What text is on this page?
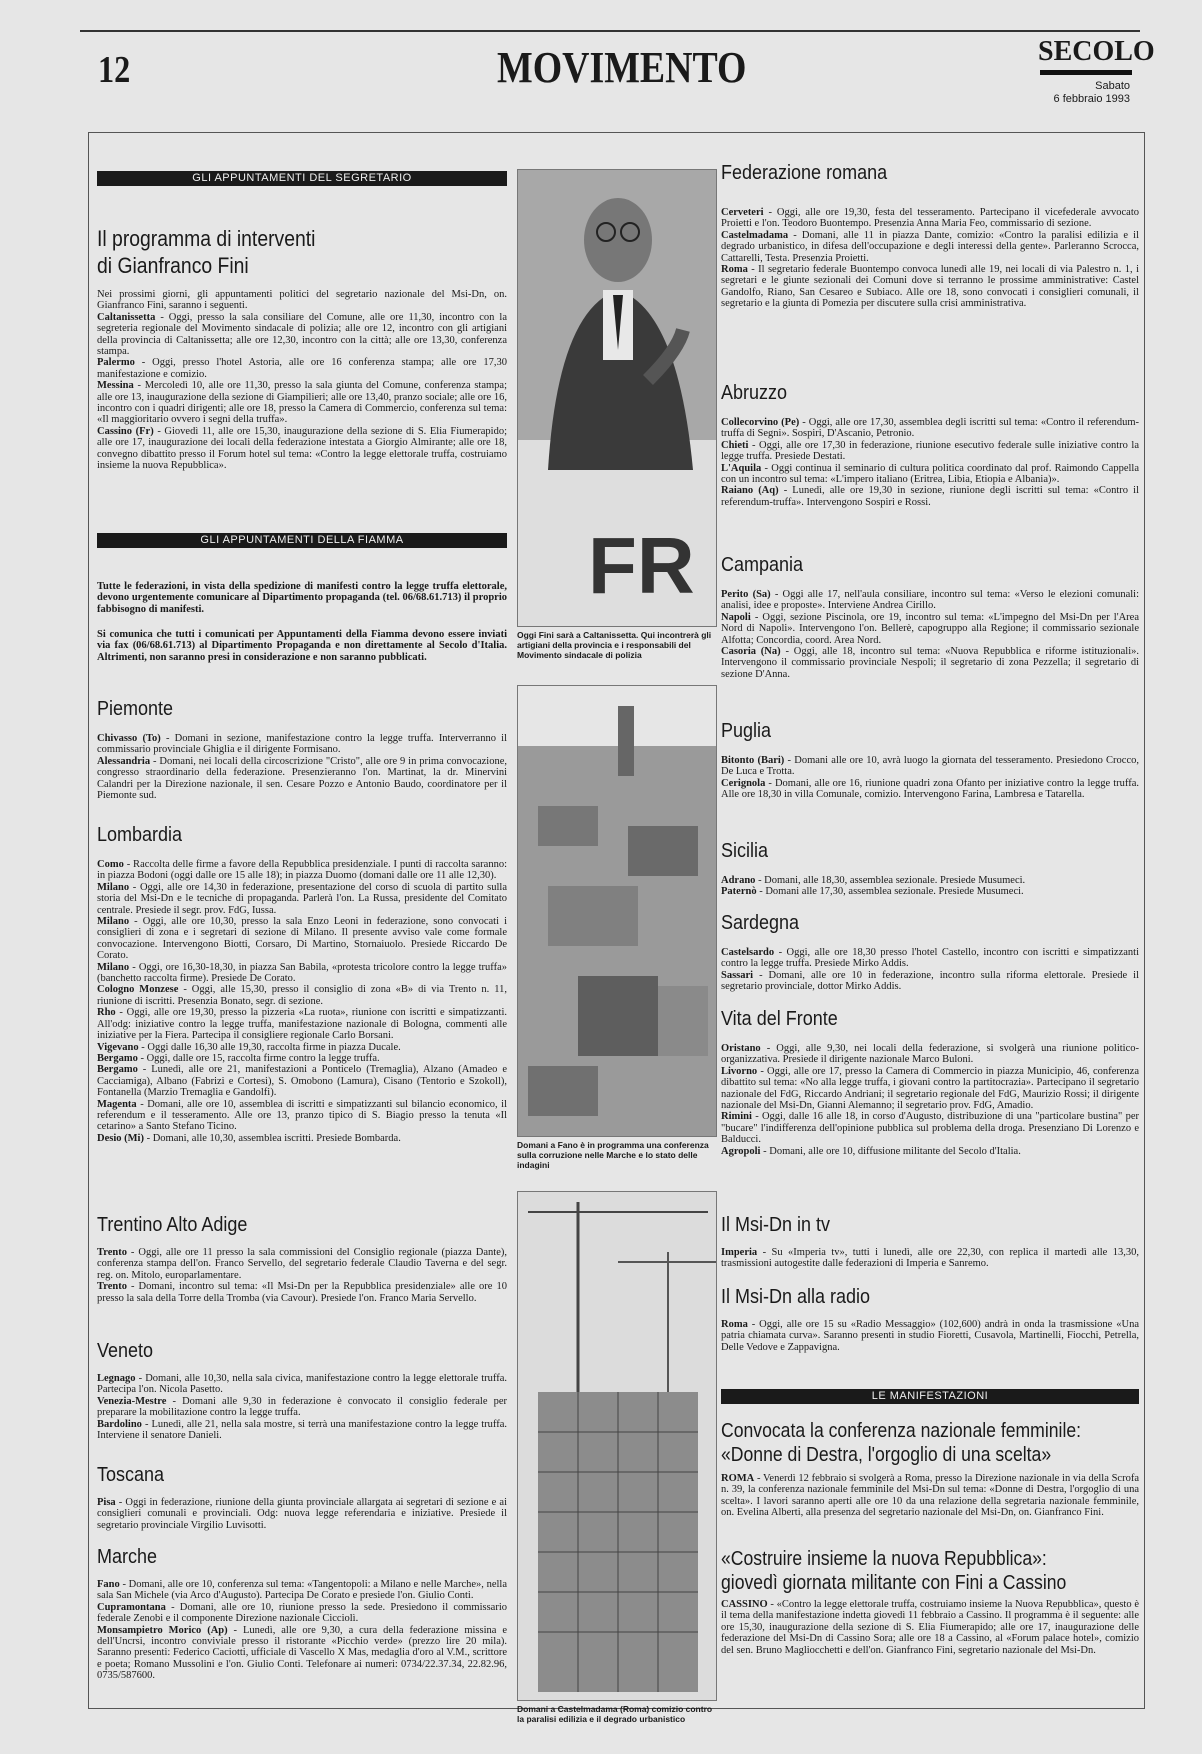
12	MOVIMENTO	SECOLO
Sabato
6 febbraio 1993
GLI APPUNTAMENTI DEL SEGRETARIO
Il programma di interventi
di Gianfranco Fini
Nei prossimi giorni, gli appuntamenti politici del segretario nazionale del Msi-Dn, on. Gianfranco Fini, saranno i seguenti.
Caltanissetta - Oggi, presso la sala consiliare del Comune, alle ore 11,30, incontro con la segreteria regionale del Movimento sindacale di polizia; alle ore 12, incontro con gli artigiani della provincia di Caltanissetta; alle ore 12,30, incontro con la città; alle ore 13,30, conferenza stampa.
Palermo - Oggi, presso l'hotel Astoria, alle ore 16 conferenza stampa; alle ore 17,30 manifestazione e comizio.
Messina - Mercoledì 10, alle ore 11,30, presso la sala giunta del Comune, conferenza stampa; alle ore 13, inaugurazione della sezione di Giampilieri; alle ore 13,40, pranzo sociale; alle ore 16, incontro con i quadri dirigenti; alle ore 18, presso la Camera di Commercio, conferenza sul tema: «Il maggioritario ovvero i segni della truffa».
Cassino (Fr) - Giovedì 11, alle ore 15,30, inaugurazione della sezione di S. Elia Fiumerapido; alle ore 17, inaugurazione dei locali della federazione intestata a Giorgio Almirante; alle ore 18, convegno dibattito presso il Forum hotel sul tema: «Contro la legge elettorale truffa, costruiamo insieme la nuova Repubblica».
GLI APPUNTAMENTI DELLA FIAMMA
Tutte le federazioni, in vista della spedizione di manifesti contro la legge truffa elettorale, devono urgentemente comunicare al Dipartimento propaganda (tel. 06/68.61.713) il proprio fabbisogno di manifesti.
Si comunica che tutti i comunicati per Appuntamenti della Fiamma devono essere inviati via fax (06/68.61.713) al Dipartimento Propaganda e non direttamente al Secolo d'Italia. Altrimenti, non saranno presi in considerazione e non saranno pubblicati.
Piemonte
Chivasso (To) - Domani in sezione, manifestazione contro la legge truffa. Interverranno il commissario provinciale Ghiglia e il dirigente Formisano.
Alessandria - Domani, nei locali della circoscrizione "Cristo", alle ore 9 in prima convocazione, congresso straordinario della federazione. Presenzieranno l'on. Martinat, la dr. Minervini Calandri per la Direzione nazionale, il sen. Cesare Pozzo e Antonio Baudo, coordinatore per il Piemonte sud.
Lombardia
Como - Raccolta delle firme a favore della Repubblica presidenziale. I punti di raccolta saranno: in piazza Bodoni (oggi dalle ore 15 alle 18); in piazza Duomo (domani dalle ore 11 alle 12,30).
Milano - Oggi, alle ore 14,30 in federazione, presentazione del corso di scuola di partito sulla storia del Msi-Dn e le tecniche di propaganda. Parlerà l'on. La Russa, presidente del Comitato centrale. Presiede il segr. prov. FdG, Iussa.
Milano - Oggi, alle ore 10,30, presso la sala Enzo Leoni in federazione, sono convocati i consiglieri di zona e i segretari di sezione di Milano. Il presente avviso vale come formale convocazione. Intervengono Biotti, Corsaro, Di Martino, Stornaiuolo. Presiede Riccardo De Corato.
Milano - Oggi, ore 16,30-18,30, in piazza San Babila, «protesta tricolore contro la legge truffa» (banchetto raccolta firme). Presiede De Corato.
Cologno Monzese - Oggi, alle 15,30, presso il consiglio di zona «B» di via Trento n. 11, riunione di iscritti. Presenzia Bonato, segr. di sezione.
Rho - Oggi, alle ore 19,30, presso la pizzeria «La ruota», riunione con iscritti e simpatizzanti. All'odg: iniziative contro la legge truffa, manifestazione nazionale di Bologna, commenti alle iniziative per la Fiera. Partecipa il consigliere regionale Carlo Borsani.
Vigevano - Oggi dalle 16,30 alle 19,30, raccolta firme in piazza Ducale.
Bergamo - Oggi, dalle ore 15, raccolta firme contro la legge truffa.
Bergamo - Lunedì, alle ore 21, manifestazioni a Ponticelo (Tremaglia), Alzano (Amadeo e Cacciamiga), Albano (Fabrizi e Cortesi), S. Omobono (Lamura), Cisano (Tentorio e Szokoll), Fontanella (Marzio Tremaglia e Gandolfi).
Magenta - Domani, alle ore 10, assemblea di iscritti e simpatizzanti sul bilancio economico, il referendum e il tesseramento. Alle ore 13, pranzo tipico di S. Biagio presso la tenuta «Il cetarino» a Santo Stefano Ticino.
Desio (Mi) - Domani, alle 10,30, assemblea iscritti. Presiede Bombarda.
Trentino Alto Adige
Trento - Oggi, alle ore 11 presso la sala commissioni del Consiglio regionale (piazza Dante), conferenza stampa dell'on. Franco Servello, del segretario federale Claudio Taverna e del segr. reg. on. Mitolo, europarlamentare.
Trento - Domani, incontro sul tema: «Il Msi-Dn per la Repubblica presidenziale» alle ore 10 presso la sala della Torre della Tromba (via Cavour). Presiede l'on. Franco Maria Servello.
Veneto
Legnago - Domani, alle 10,30, nella sala civica, manifestazione contro la legge elettorale truffa. Partecipa l'on. Nicola Pasetto.
Venezia-Mestre - Domani alle 9,30 in federazione è convocato il consiglio federale per preparare la mobilitazione contro la legge truffa.
Bardolino - Lunedì, alle 21, nella sala mostre, si terrà una manifestazione contro la legge truffa. Interviene il senatore Danieli.
Toscana
Pisa - Oggi in federazione, riunione della giunta provinciale allargata ai segretari di sezione e ai consiglieri comunali e provinciali. Odg: nuova legge referendaria e iniziative. Presiede il segretario provinciale Virgilio Luvisotti.
Marche
Fano - Domani, alle ore 10, conferenza sul tema: «Tangentopoli: a Milano e nelle Marche», nella sala San Michele (via Arco d'Augusto). Partecipa De Corato e presiede l'on. Giulio Conti.
Cupramontana - Domani, alle ore 10, riunione presso la sede. Presiedono il commissario federale Zenobi e il componente Direzione nazionale Cicciolì.
Monsampietro Morico (Ap) - Lunedì, alle ore 9,30, a cura della federazione missina e dell'Uncrsi, incontro conviviale presso il ristorante «Picchio verde» (prezzo lire 20 mila). Saranno presenti: Federico Caciotti, ufficiale di Vascello X Mas, medaglia d'oro al V.M., scrittore e poeta; Romano Mussolini e l'on. Giulio Conti. Telefonare ai numeri: 0734/22.37.34, 22.82.96, 0735/587600.
FR
Oggi Fini sarà a Caltanissetta. Qui incontrerà gli artigiani della provincia e i responsabili del Movimento sindacale di polizia
Domani a Fano è in programma una conferenza sulla corruzione nelle Marche e lo stato delle indagini
Domani a Castelmadama (Roma) comizio contro la paralisi edilizia e il degrado urbanistico
Federazione romana
Cerveteri - Oggi, alle ore 19,30, festa del tesseramento. Partecipano il vicefederale avvocato Proietti e l'on. Teodoro Buontempo. Presenzia Anna Maria Feo, commissario di sezione.
Castelmadama - Domani, alle 11 in piazza Dante, comizio: «Contro la paralisi edilizia e il degrado urbanistico, in difesa dell'occupazione e degli interessi della gente». Parleranno Scrocca, Cattarelli, Testa. Presenzia Proietti.
Roma - Il segretario federale Buontempo convoca lunedì alle 19, nei locali di via Palestro n. 1, i segretari e le giunte sezionali dei Comuni dove si terranno le prossime amministrative: Castel Gandolfo, Riano, San Cesareo e Subiaco. Alle ore 18, sono convocati i consiglieri comunali, il segretario e la giunta di Pomezia per discutere sulla crisi amministrativa.
Abruzzo
Collecorvino (Pe) - Oggi, alle ore 17,30, assemblea degli iscritti sul tema: «Contro il referendum-truffa di Segni». Sospiri, D'Ascanio, Petronio.
Chieti - Oggi, alle ore 17,30 in federazione, riunione esecutivo federale sulle iniziative contro la legge truffa. Presiede Destati.
L'Aquila - Oggi continua il seminario di cultura politica coordinato dal prof. Raimondo Cappella con un incontro sul tema: «L'impero italiano (Eritrea, Libia, Etiopia e Albania)».
Raiano (Aq) - Lunedì, alle ore 19,30 in sezione, riunione degli iscritti sul tema: «Contro il referendum-truffa». Intervengono Sospiri e Rossi.
Campania
Perito (Sa) - Oggi alle 17, nell'aula consiliare, incontro sul tema: «Verso le elezioni comunali: analisi, idee e proposte». Interviene Andrea Cirillo.
Napoli - Oggi, sezione Piscinola, ore 19, incontro sul tema: «L'impegno del Msi-Dn per l'Area Nord di Napoli». Intervengono l'on. Bellerè, capogruppo alla Regione; il commissario sezionale Alfotta; Concordia, coord. Area Nord.
Casoria (Na) - Oggi, alle 18, incontro sul tema: «Nuova Repubblica e riforme istituzionali». Intervengono il commissario provinciale Nespoli; il segretario di zona Pezzella; il segretario di sezione D'Anna.
Puglia
Bitonto (Bari) - Domani alle ore 10, avrà luogo la giornata del tesseramento. Presiedono Crocco, De Luca e Trotta.
Cerignola - Domani, alle ore 16, riunione quadri zona Ofanto per iniziative contro la legge truffa. Alle ore 18,30 in villa Comunale, comizio. Intervengono Farina, Lambresa e Tatarella.
Sicilia
Adrano - Domani, alle 18,30, assemblea sezionale. Presiede Musumeci.
Paternò - Domani alle 17,30, assemblea sezionale. Presiede Musumeci.
Sardegna
Castelsardo - Oggi, alle ore 18,30 presso l'hotel Castello, incontro con iscritti e simpatizzanti contro la legge truffa. Presiede Mirko Addis.
Sassari - Domani, alle ore 10 in federazione, incontro sulla riforma elettorale. Presiede il segretario provinciale, dottor Mirko Addis.
Vita del Fronte
Oristano - Oggi, alle 9,30, nei locali della federazione, si svolgerà una riunione politico-organizzativa. Presiede il dirigente nazionale Marco Buloni.
Livorno - Oggi, alle ore 17, presso la Camera di Commercio in piazza Municipio, 46, conferenza dibattito sul tema: «No alla legge truffa, i giovani contro la partitocrazia». Partecipano il segretario nazionale del FdG, Riccardo Andriani; il segretario regionale del FdG, Maurizio Rossi; il dirigente nazionale del Msi-Dn, Gianni Alemanno; il segretario prov. FdG, Amadio.
Rimini - Oggi, dalle 16 alle 18, in corso d'Augusto, distribuzione di una "particolare bustina" per "bucare" l'indifferenza dell'opinione pubblica sul problema della droga. Presenziano Di Lorenzo e Balducci.
Agropoli - Domani, alle ore 10, diffusione militante del Secolo d'Italia.
Il Msi-Dn in tv
Imperia - Su «Imperia tv», tutti i lunedì, alle ore 22,30, con replica il martedì alle 13,30, trasmissioni autogestite dalle federazioni di Imperia e Sanremo.
Il Msi-Dn alla radio
Roma - Oggi, alle ore 15 su «Radio Messaggio» (102,600) andrà in onda la trasmissione «Una patria chiamata curva». Saranno presenti in studio Fioretti, Cusavola, Martinelli, Fiocchi, Petrella, Delle Vedove e Zappavigna.
LE MANIFESTAZIONI
Convocata la conferenza nazionale femminile:
«Donne di Destra, l'orgoglio di una scelta»
ROMA - Venerdì 12 febbraio si svolgerà a Roma, presso la Direzione nazionale in via della Scrofa n. 39, la conferenza nazionale femminile del Msi-Dn sul tema: «Donne di Destra, l'orgoglio di una scelta». I lavori saranno aperti alle ore 10 da una relazione della segretaria nazionale femminile, on. Evelina Alberti, alla presenza del segretario nazionale del Msi-Dn, on. Gianfranco Fini.
«Costruire insieme la nuova Repubblica»:
giovedì giornata militante con Fini a Cassino
CASSINO - «Contro la legge elettorale truffa, costruiamo insieme la Nuova Repubblica», questo è il tema della manifestazione indetta giovedì 11 febbraio a Cassino. Il programma è il seguente: alle ore 15,30, inaugurazione della sezione di S. Elia Fiumerapido; alle ore 17, inaugurazione delle federazione del Msi-Dn di Cassino Sora; alle ore 18 a Cassino, al «Forum palace hotel», comizio del sen. Bruno Magliocchetti e dell'on. Gianfranco Fini, segretario nazionale del Msi-Dn.
